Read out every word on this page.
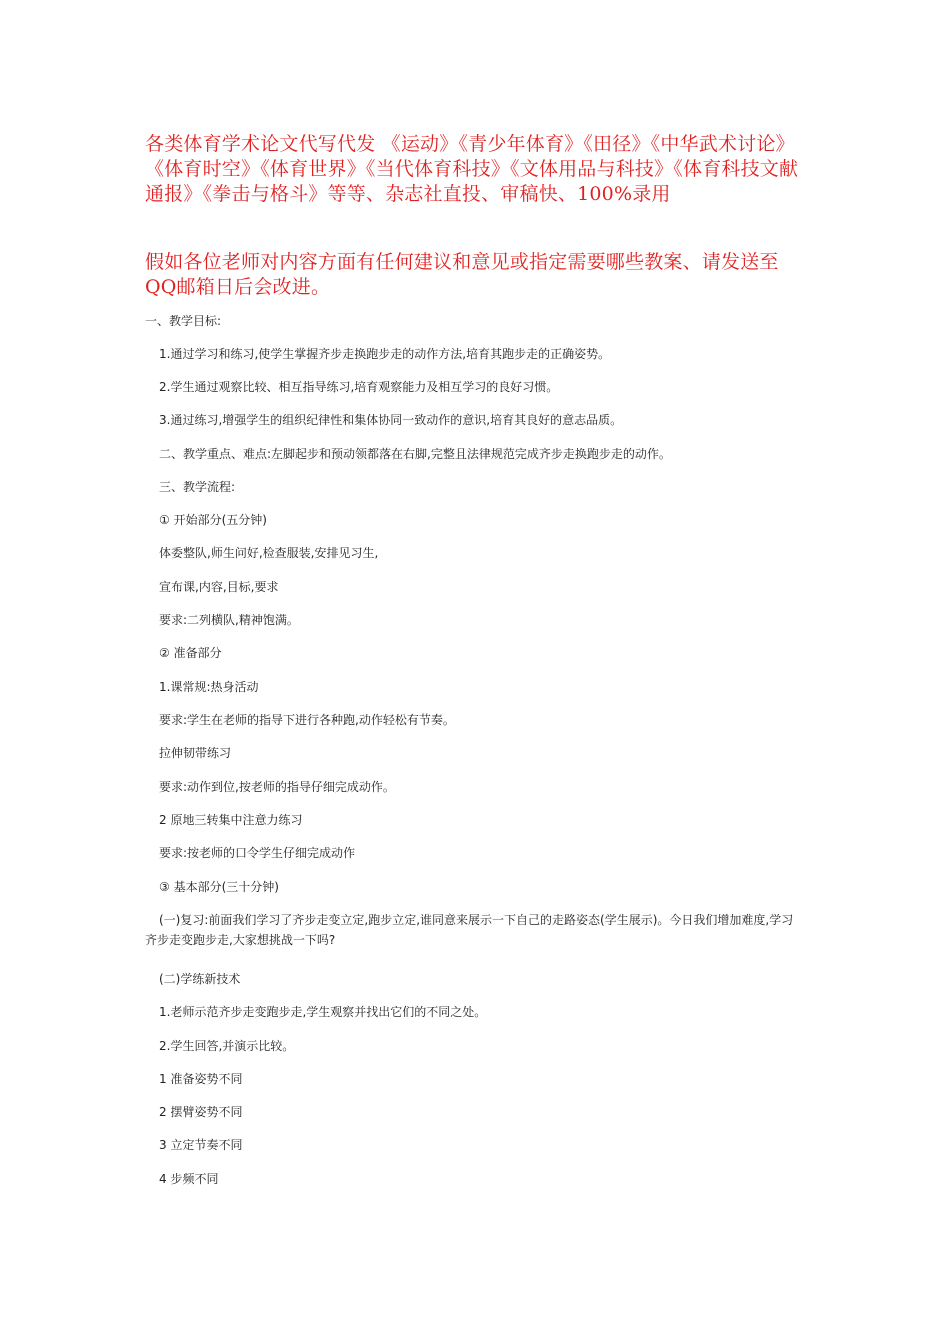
各类体育学术论文代写代发 《运动》《青少年体育》《田径》《中华武术讨论》《体育时空》《体育世界》《当代体育科技》《文体用品与科技》《体育科技文献通报》《拳击与格斗》等等、杂志社直投、审稿快、100%录用
假如各位老师对内容方面有任何建议和意见或指定需要哪些教案、请发送至QQ邮箱日后会改进。
一、教学目标:
1.通过学习和练习,使学生掌握齐步走换跑步走的动作方法,培育其跑步走的正确姿势。
2.学生通过观察比较、相互指导练习,培育观察能力及相互学习的良好习惯。
3.通过练习,增强学生的组织纪律性和集体协同一致动作的意识,培育其良好的意志品质。
二、教学重点、难点:左脚起步和预动领都落在右脚,完整且法律规范完成齐步走换跑步走的动作。
三、教学流程:
① 开始部分(五分钟)
体委整队,师生问好,检查服装,安排见习生,
宣布课,内容,目标,要求
要求:二列横队,精神饱满。
② 准备部分
1.课常规:热身活动
要求:学生在老师的指导下进行各种跑,动作轻松有节奏。
拉伸韧带练习
要求:动作到位,按老师的指导仔细完成动作。
2 原地三转集中注意力练习
要求:按老师的口令学生仔细完成动作
③ 基本部分(三十分钟)
(一)复习:前面我们学习了齐步走变立定,跑步立定,谁同意来展示一下自己的走路姿态(学生展示)。今日我们增加难度,学习齐步走变跑步走,大家想挑战一下吗?
(二)学练新技术
1.老师示范齐步走变跑步走,学生观察并找出它们的不同之处。
2.学生回答,并演示比较。
1 准备姿势不同
2 摆臂姿势不同
3 立定节奏不同
4 步频不同
